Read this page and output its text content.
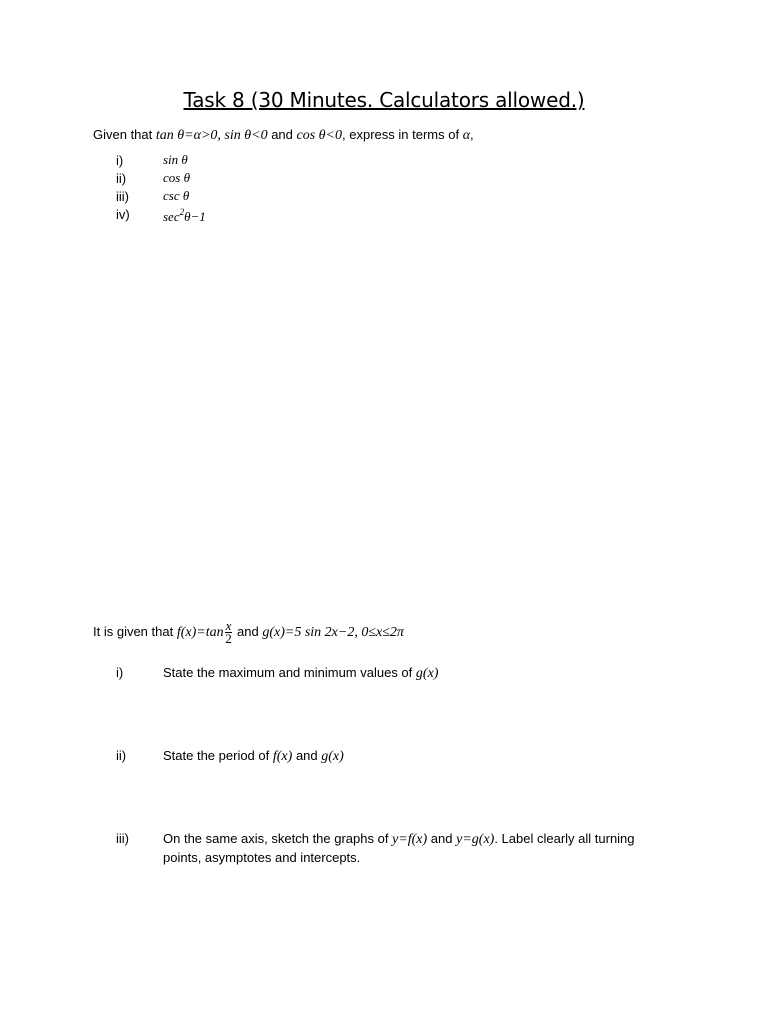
Task 8 (30 Minutes. Calculators allowed.)
Given that tan θ=α>0, sin θ<0 and cos θ<0, express in terms of α,
i)	sin θ
ii)	cos θ
iii)	csc θ
iv)	$\sec^2\theta-1$
It is given that $f(x)=\tan \frac{x}{2}$ and g(x)=5 sin 2x−2, 0≤x≤2π
i)	State the maximum and minimum values of g(x)
ii)	State the period of f(x) and g(x)
iii)	On the same axis, sketch the graphs of y=f(x) and y=g(x). Label clearly all turning points, asymptotes and intercepts.
